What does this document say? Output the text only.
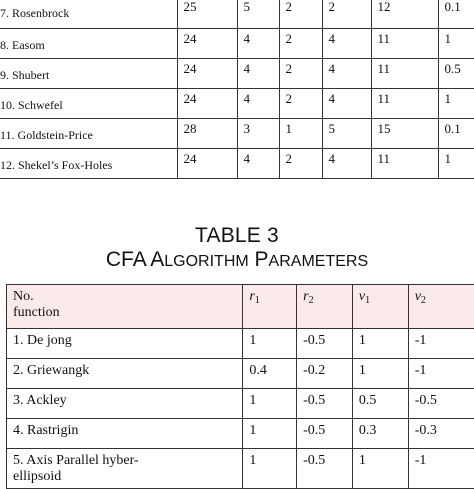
7. Rosenbrock	25	5	2	2	12	0.1
8. Easom	24	4	2	4	11	1
9. Shubert	24	4	2	4	11	0.5
10. Schwefel	24	4	2	4	11	1
11. Goldstein-Price	28	3	1	5	15	0.1
12. Shekel’s Fox-Holes	24	4	2	4	11	1
TABLE 3
CFA ALGORITHM PARAMETERS
No.
function	$r_1$	$r_2$	$v_1$	$v_2$
1. De jong	1	-0.5	1	-1
2. Griewangk	0.4	-0.2	1	-1
3. Ackley	1	-0.5	0.5	-0.5
4. Rastrigin	1	-0.5	0.3	-0.3
5. Axis Parallel hyber-ellipsoid	1	-0.5	1	-1
